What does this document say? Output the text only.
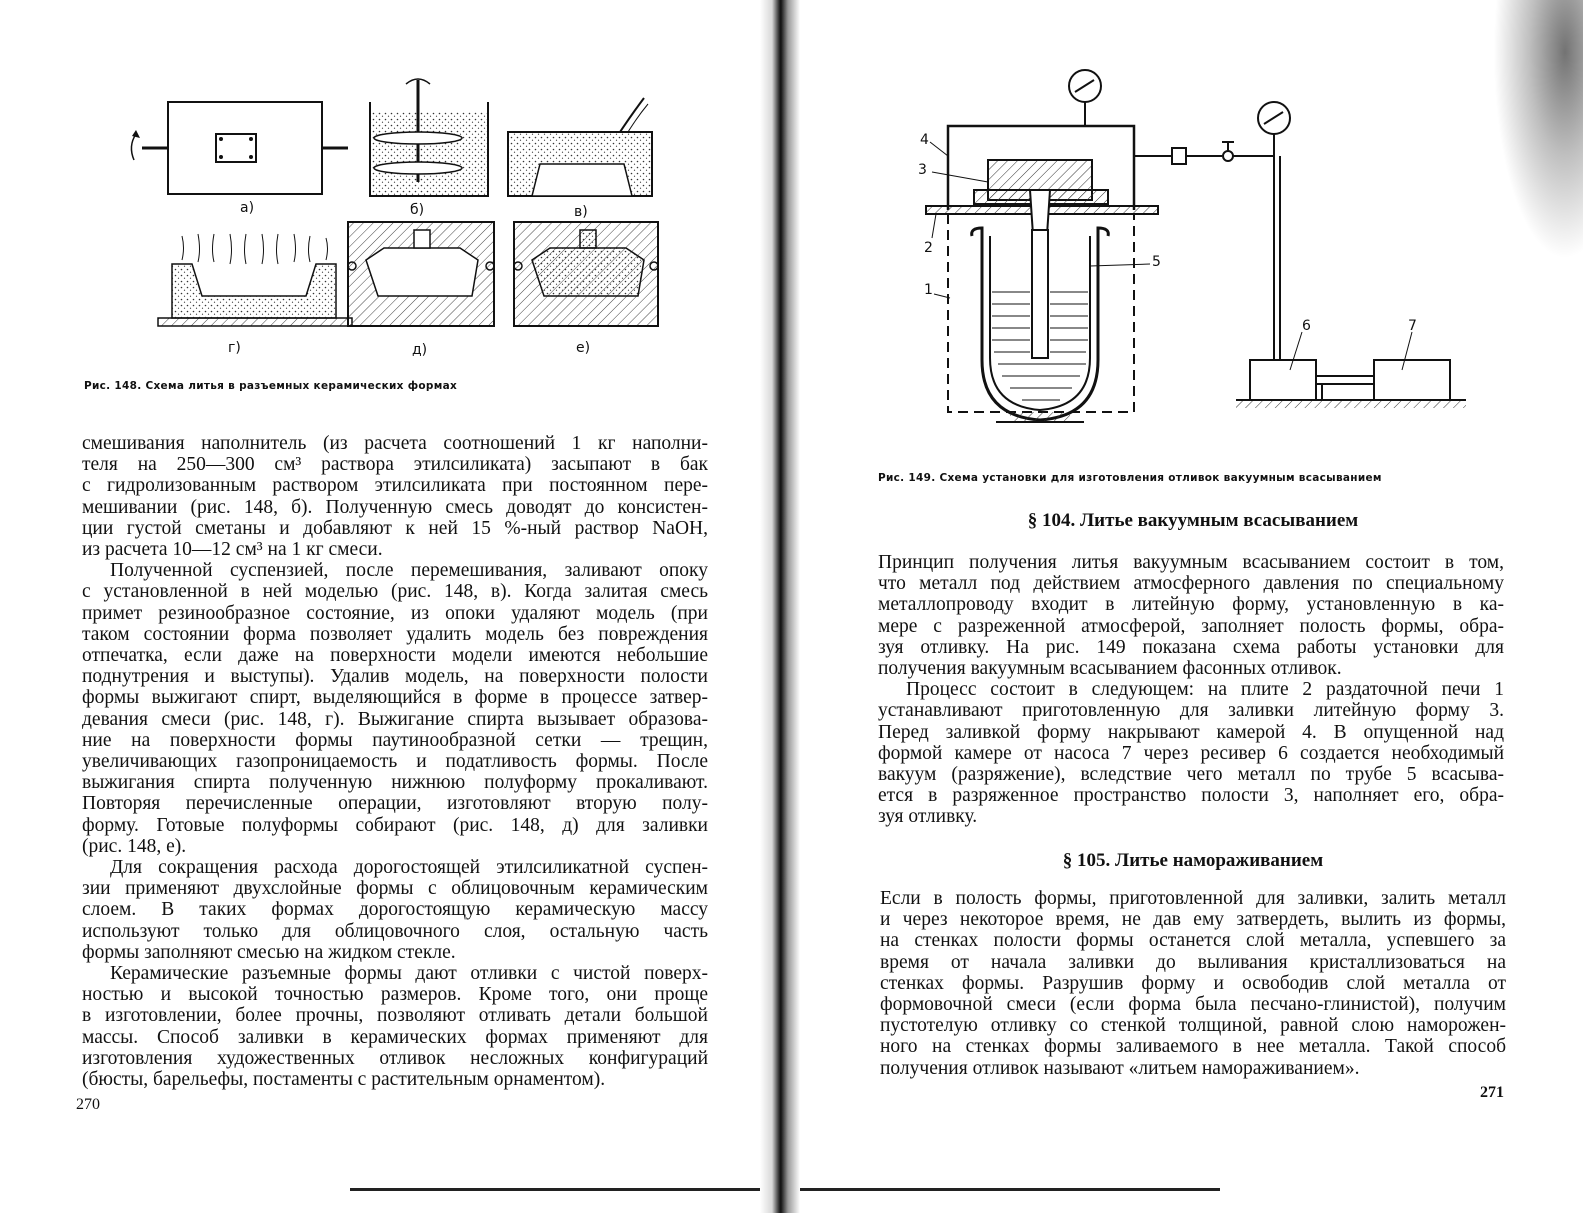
а)	б)	в)
г)	д)	е)
Рис. 148. Схема литья в разъемных керамических формах

смешивания наполнитель (из расчета соотношений 1 кг наполни-
теля на 250—300 см³ раствора этилсиликата) засыпают в бак
с гидролизованным раствором этилсиликата при постоянном пере-
мешивании (рис. 148, б). Полученную смесь доводят до консистен-
ции густой сметаны и добавляют к ней 15 %-ный раствор NaOH,
из расчета 10—12 см³ на 1 кг смеси.

Полученной суспензией, после перемешивания, заливают опоку
с установленной в ней моделью (рис. 148, в). Когда залитая смесь
примет резинообразное состояние, из опоки удаляют модель (при
таком состоянии форма позволяет удалить модель без повреждения
отпечатка, если даже на поверхности модели имеются небольшие
поднутрения и выступы). Удалив модель, на поверхности полости
формы выжигают спирт, выделяющийся в форме в процессе затвер-
девания смеси (рис. 148, г). Выжигание спирта вызывает образова-
ние на поверхности формы паутинообразной сетки — трещин,
увеличивающих газопроницаемость и податливость формы. После
выжигания спирта полученную нижнюю полуформу прокаливают.
Повторяя перечисленные операции, изготовляют вторую полу-
форму. Готовые полуформы собирают (рис. 148, д) для заливки
(рис. 148, е).

Для сокращения расхода дорогостоящей этилсиликатной суспен-
зии применяют двухслойные формы с облицовочным керамическим
слоем. В таких формах дорогостоящую керамическую массу
используют только для облицовочного слоя, остальную часть
формы заполняют смесью на жидком стекле.

Керамические разъемные формы дают отливки с чистой поверх-
ностью и высокой точностью размеров. Кроме того, они проще
в изготовлении, более прочны, позволяют отливать детали большой
массы. Способ заливки в керамических формах применяют для
изготовления художественных отливок несложных конфигураций
(бюсты, барельефы, постаменты с растительным орнаментом).

270
4
3
2
1
5
6	7
Рис. 149. Схема установки для изготовления отливок вакуумным всасыванием
§ 104. Литье вакуумным всасыванием

Принцип получения литья вакуумным всасыванием состоит в том,
что металл под действием атмосферного давления по специальному
металлопроводу входит в литейную форму, установленную в ка-
мере с разреженной атмосферой, заполняет полость формы, обра-
зуя отливку. На рис. 149 показана схема работы установки для
получения вакуумным всасыванием фасонных отливок.

Процесс состоит в следующем: на плите 2 раздаточной печи 1
устанавливают приготовленную для заливки литейную форму 3.
Перед заливкой форму накрывают камерой 4. В опущенной над
формой камере от насоса 7 через ресивер 6 создается необходимый
вакуум (разряжение), вследствие чего металл по трубе 5 всасыва-
ется в разряженное пространство полости 3, наполняет его, обра-
зуя отливку.

§ 105. Литье намораживанием

Если в полость формы, приготовленной для заливки, залить металл
и через некоторое время, не дав ему затвердеть, вылить из формы,
на стенках полости формы останется слой металла, успевшего за
время от начала заливки до выливания кристаллизоваться на
стенках формы. Разрушив форму и освободив слой металла от
формовочной смеси (если форма была песчано-глинистой), получим
пустотелую отливку со стенкой толщиной, равной слою наморожен-
ного на стенках формы заливаемого в нее металла. Такой способ
получения отливок называют «литьем намораживанием».

271
